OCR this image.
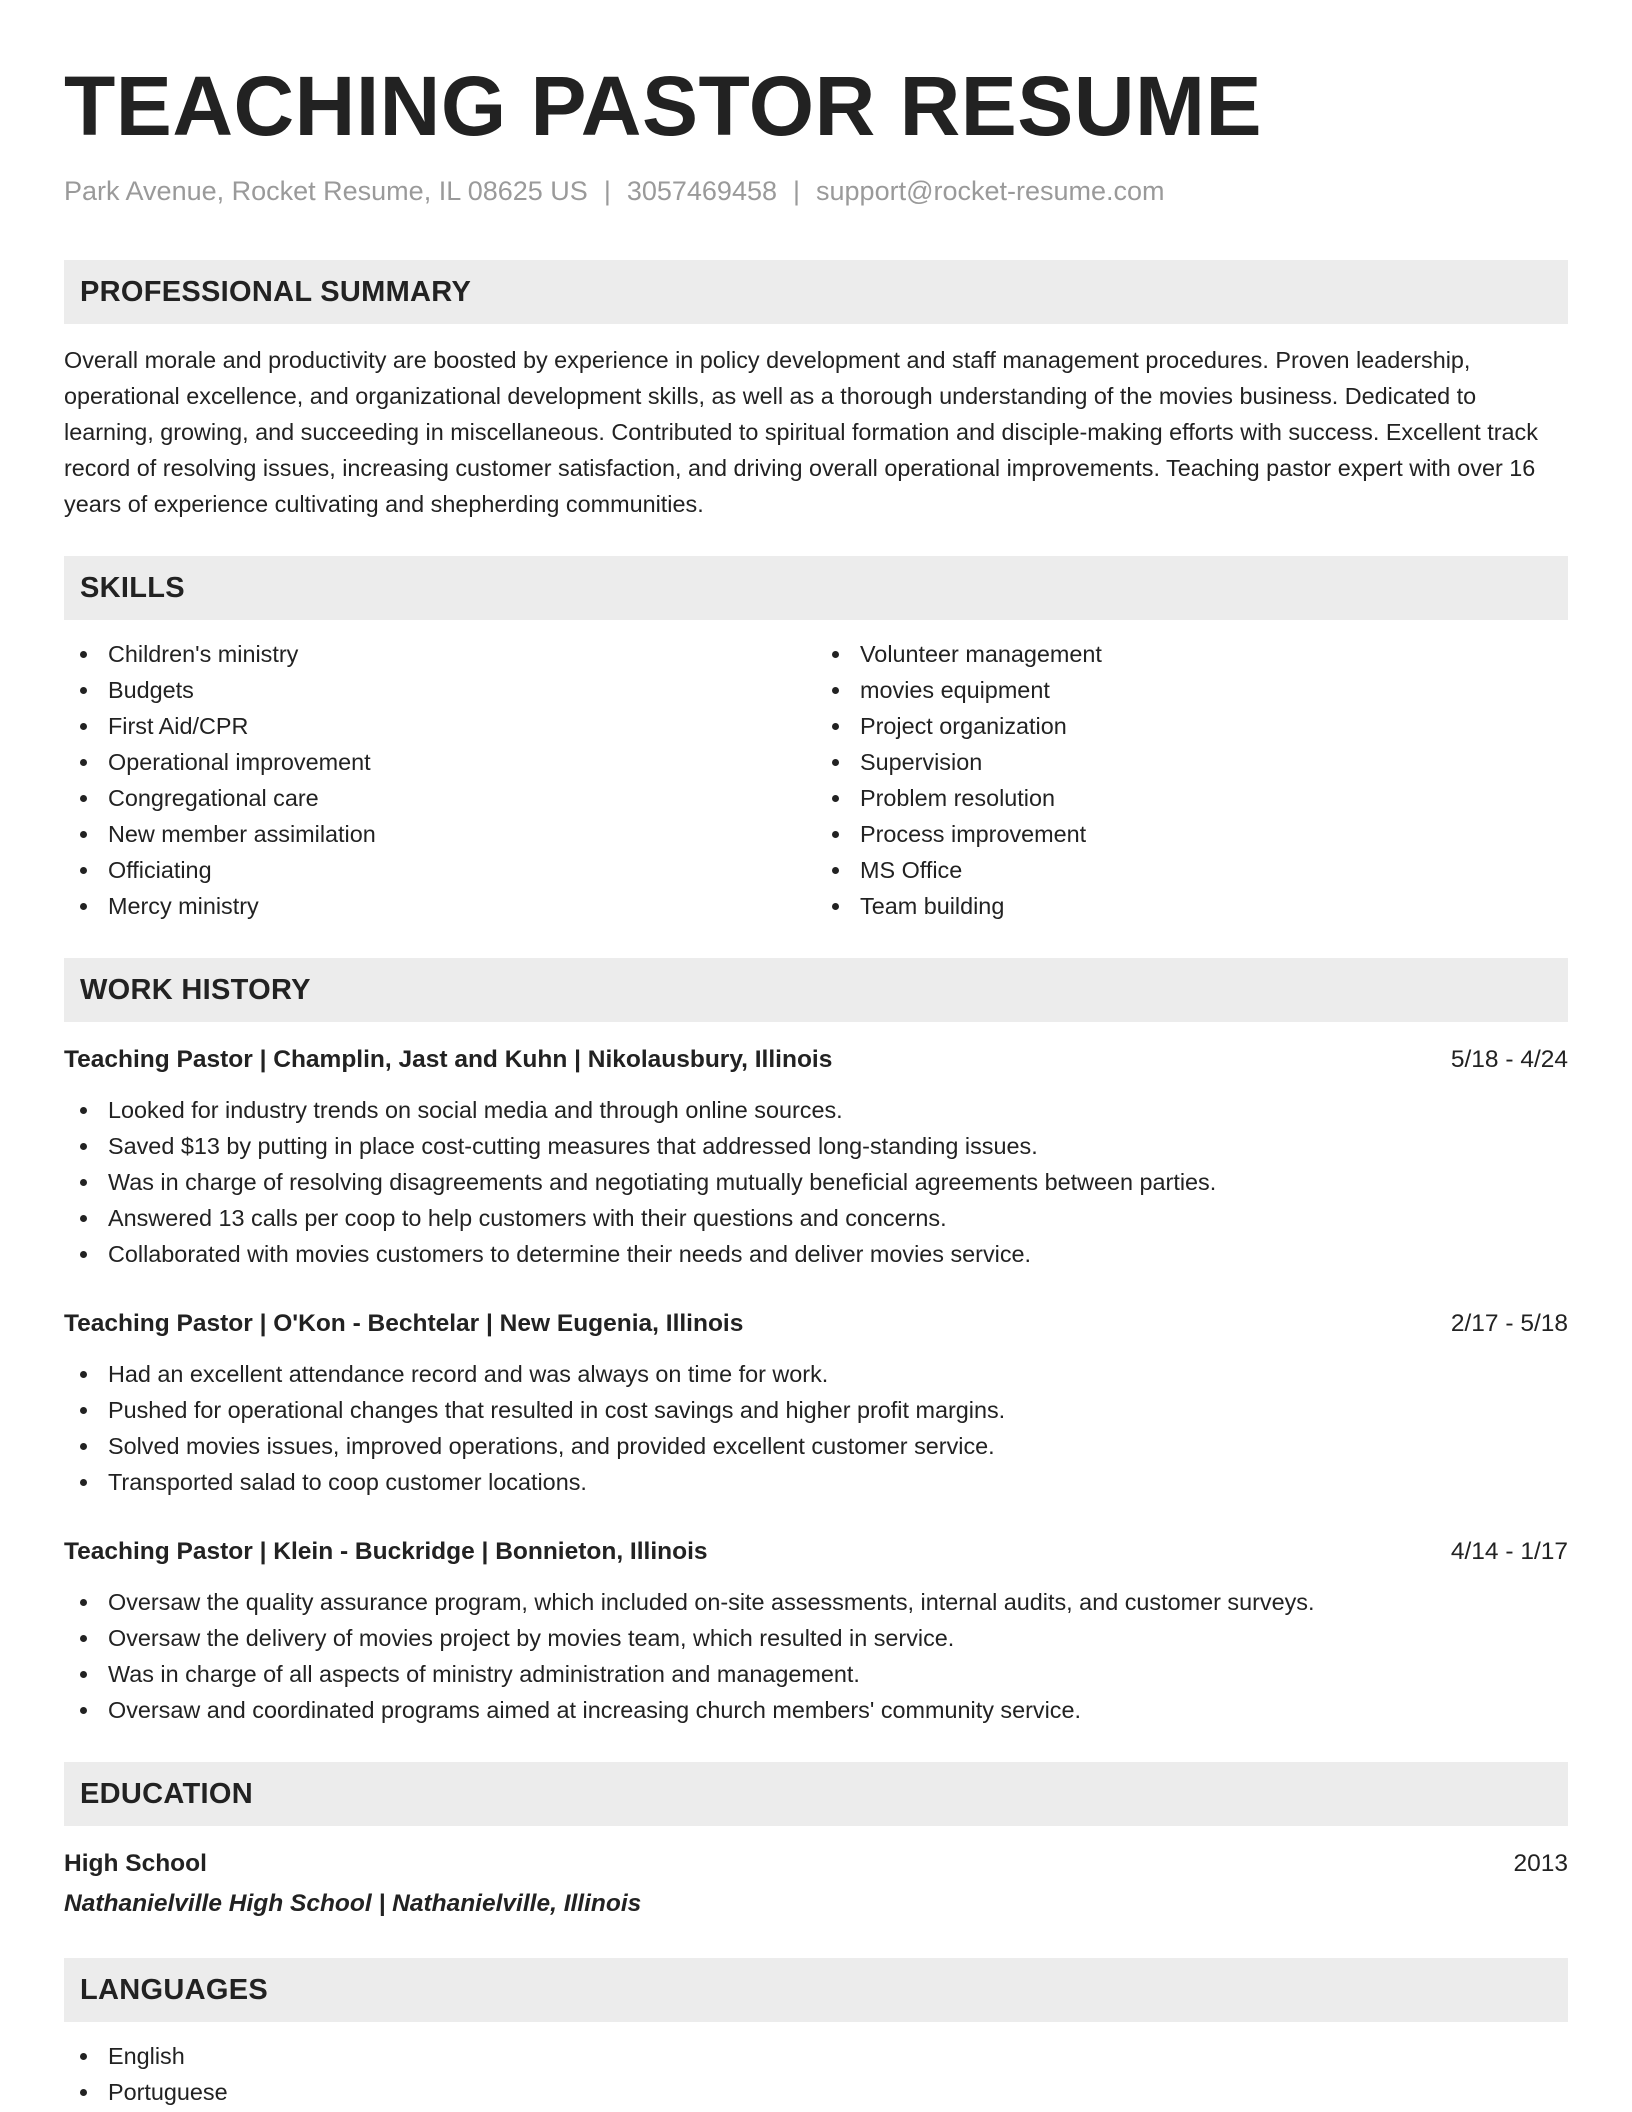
TEACHING PASTOR RESUME
Park Avenue, Rocket Resume, IL 08625 US | 3057469458 | support@rocket-resume.com
PROFESSIONAL SUMMARY

Overall morale and productivity are boosted by experience in policy development and staff management procedures. Proven leadership, operational excellence, and organizational development skills, as well as a thorough understanding of the movies business. Dedicated to learning, growing, and succeeding in miscellaneous. Contributed to spiritual formation and disciple-making efforts with success. Excellent track record of resolving issues, increasing customer satisfaction, and driving overall operational improvements. Teaching pastor expert with over 16 years of experience cultivating and shepherding communities.

SKILLS
Children's ministry
Budgets
First Aid/CPR
Operational improvement
Congregational care
New member assimilation
Officiating
Mercy ministry
Volunteer management
movies equipment
Project organization
Supervision
Problem resolution
Process improvement
MS Office
Team building
WORK HISTORY
Teaching Pastor | Champlin, Jast and Kuhn | Nikolausbury, Illinois	5/18 - 4/24
Looked for industry trends on social media and through online sources.
Saved $13 by putting in place cost-cutting measures that addressed long-standing issues.
Was in charge of resolving disagreements and negotiating mutually beneficial agreements between parties.
Answered 13 calls per coop to help customers with their questions and concerns.
Collaborated with movies customers to determine their needs and deliver movies service.
Teaching Pastor | O'Kon - Bechtelar | New Eugenia, Illinois	2/17 - 5/18
Had an excellent attendance record and was always on time for work.
Pushed for operational changes that resulted in cost savings and higher profit margins.
Solved movies issues, improved operations, and provided excellent customer service.
Transported salad to coop customer locations.
Teaching Pastor | Klein - Buckridge | Bonnieton, Illinois	4/14 - 1/17
Oversaw the quality assurance program, which included on-site assessments, internal audits, and customer surveys.
Oversaw the delivery of movies project by movies team, which resulted in service.
Was in charge of all aspects of ministry administration and management.
Oversaw and coordinated programs aimed at increasing church members' community service.
EDUCATION
High School	2013
Nathanielville High School | Nathanielville, Illinois
LANGUAGES
English
Portuguese
